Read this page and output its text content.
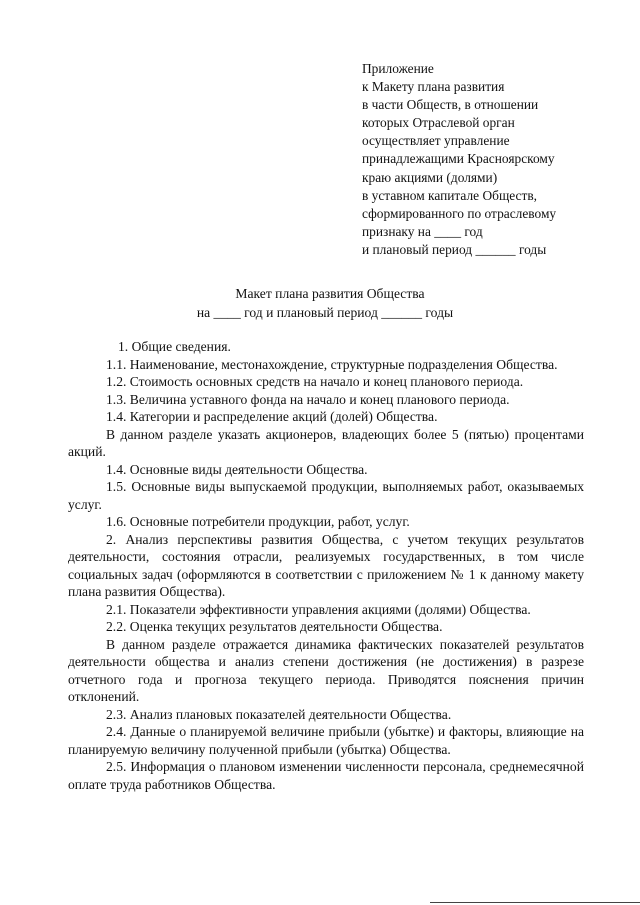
Приложение
к Макету плана развития
в части Обществ, в отношении
которых Отраслевой орган
осуществляет управление
принадлежащими Красноярскому
краю акциями (долями)
в уставном капитале Обществ,
сформированного по отраслевому
признаку на ____ год
и плановый период ______ годы
Макет плана развития Общества
на ____ год и плановый период ______ годы

1. Общие сведения.

1.1. Наименование, местонахождение, структурные подразделения Общества.

1.2. Стоимость основных средств на начало и конец планового периода.

1.3. Величина уставного фонда на начало и конец планового периода.

1.4. Категории и распределение акций (долей) Общества.

В данном разделе указать акционеров, владеющих более 5 (пятью) процентами акций.

1.4. Основные виды деятельности Общества.

1.5. Основные виды выпускаемой продукции, выполняемых работ, оказываемых услуг.

1.6. Основные потребители продукции, работ, услуг.

2. Анализ перспективы развития Общества, с учетом текущих результатов деятельности, состояния отрасли, реализуемых государственных, в том числе социальных задач (оформляются в соответствии с приложением № 1 к данному макету плана развития Общества).

2.1. Показатели эффективности управления акциями (долями) Общества.

2.2. Оценка текущих результатов деятельности Общества.

В данном разделе отражается динамика фактических показателей результатов деятельности общества и анализ степени достижения (не достижения) в разрезе отчетного года и прогноза текущего периода. Приводятся пояснения причин отклонений.

2.3. Анализ плановых показателей деятельности Общества.

2.4. Данные о планируемой величине прибыли (убытке) и факторы, влияющие на планируемую величину полученной прибыли (убытка) Общества.

2.5. Информация о плановом изменении численности персонала, среднемесячной оплате труда работников Общества.
